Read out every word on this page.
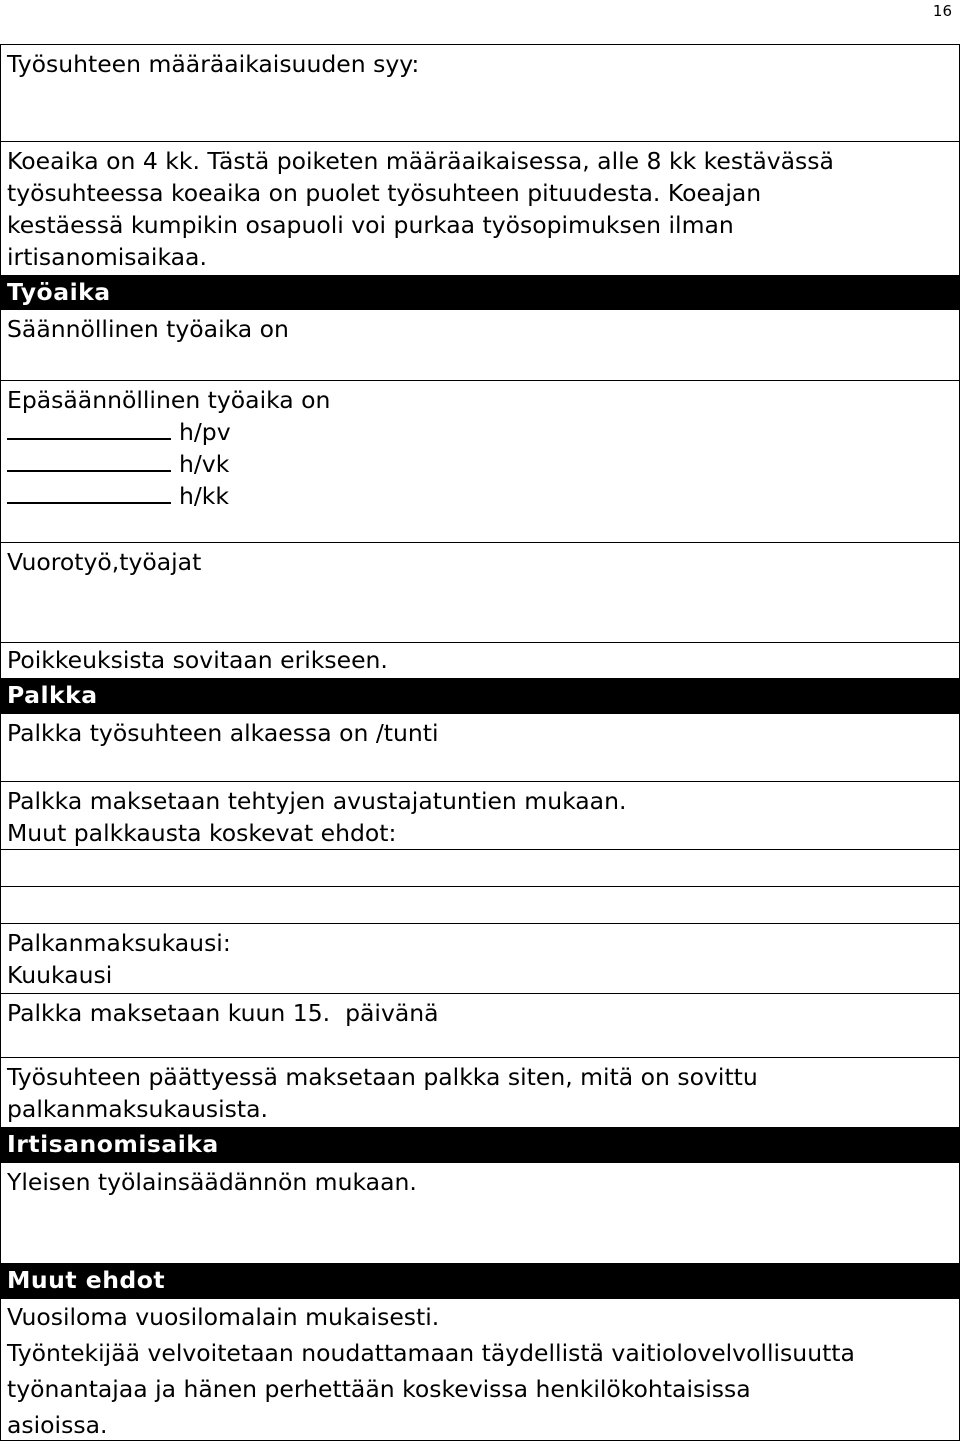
16

Työsuhteen määräaikaisuuden syy:

Koeaika on 4 kk. Tästä poiketen määräaikaisessa, alle 8 kk kestävässä

työsuhteessa koeaika on puolet työsuhteen pituudesta. Koeajan

kestäessä kumpikin osapuoli voi purkaa työsopimuksen ilman

irtisanomisaikaa.

Työaika

Säännöllinen työaika on

Epäsäännöllinen työaika on

h/pv

h/vk

h/kk

Vuorotyö,työajat

Poikkeuksista sovitaan erikseen.

Palkka

Palkka työsuhteen alkaessa on /tunti

Palkka maksetaan tehtyjen avustajatuntien mukaan.

Muut palkkausta koskevat ehdot:

Palkanmaksukausi:

Kuukausi

Palkka maksetaan kuun 15. päivänä

Työsuhteen päättyessä maksetaan palkka siten, mitä on sovittu

palkanmaksukausista.

Irtisanomisaika

Yleisen työlainsäädännön mukaan.

Muut ehdot

Vuosiloma vuosilomalain mukaisesti.

Työntekijää velvoitetaan noudattamaan täydellistä vaitiolovelvollisuutta

työnantajaa ja hänen perhettään koskevissa henkilökohtaisissa

asioissa.
